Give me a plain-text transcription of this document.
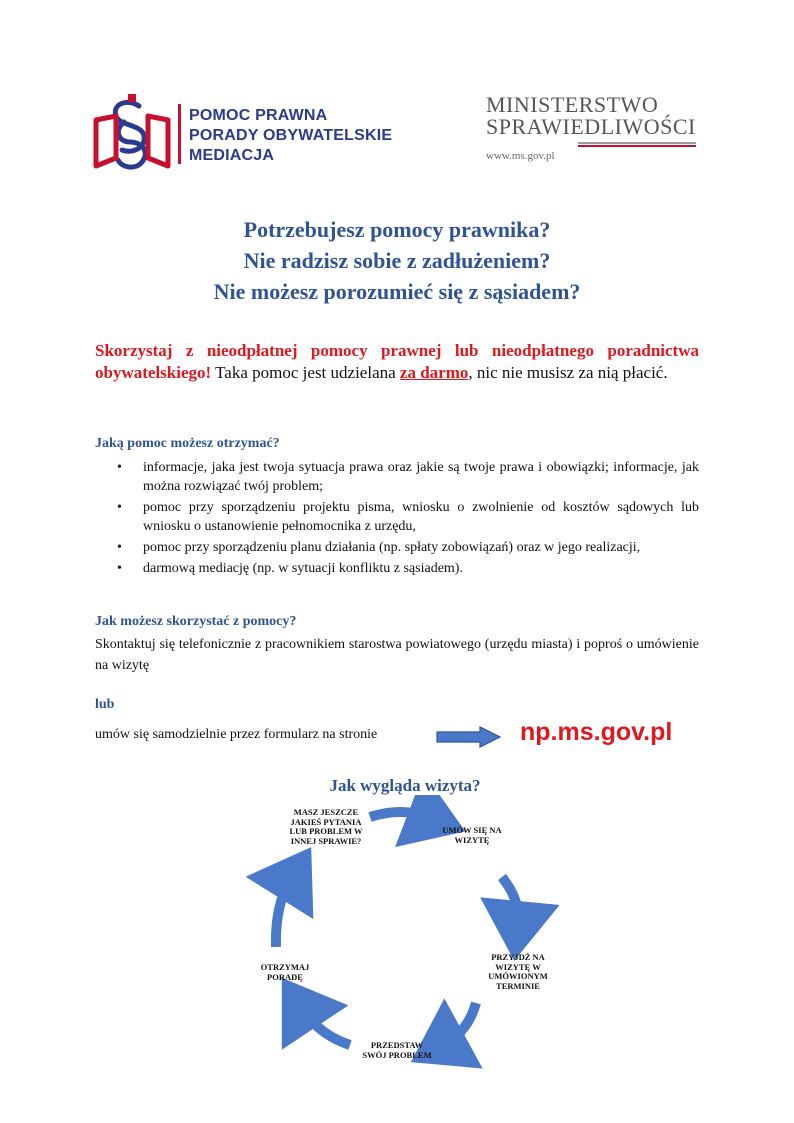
POMOC PRAWNA
PORADY OBYWATELSKIE
MEDIACJA
MINISTERSTWO
SPRAWIEDLIWOŚCI
www.ms.gov.pl
Potrzebujesz pomocy prawnika?
Nie radzisz sobie z zadłużeniem?
Nie możesz porozumieć się z sąsiadem?
Skorzystaj z nieodpłatnej pomocy prawnej lub nieodpłatnego poradnictwa obywatelskiego! Taka pomoc jest udzielana za darmo, nic nie musisz za nią płacić.
Jaką pomoc możesz otrzymać?
• informacje, jaka jest twoja sytuacja prawa oraz jakie są twoje prawa i obowiązki; informacje, jak można rozwiązać twój problem;
• pomoc przy sporządzeniu projektu pisma, wniosku o zwolnienie od kosztów sądowych lub wniosku o ustanowienie pełnomocnika z urzędu,
• pomoc przy sporządzeniu planu działania (np. spłaty zobowiązań) oraz w jego realizacji,
• darmową mediację (np. w sytuacji konfliktu z sąsiadem).
Jak możesz skorzystać z pomocy?
Skontaktuj się telefonicznie z pracownikiem starostwa powiatowego (urzędu miasta) i poproś o umówienie na wizytę
lub
umów się samodzielnie przez formularz na stronie	np.ms.gov.pl
Jak wygląda wizyta?
MASZ JESZCZE JAKIEŚ PYTANIA LUB PROBLEM W INNEJ SPRAWIE?
UMÓW SIĘ NA WIZYTĘ
PRZYJDŹ NA WIZYTĘ W UMÓWIONYM TERMINIE
PRZEDSTAW SWÓJ PROBLEM
OTRZYMAJ PORADĘ
